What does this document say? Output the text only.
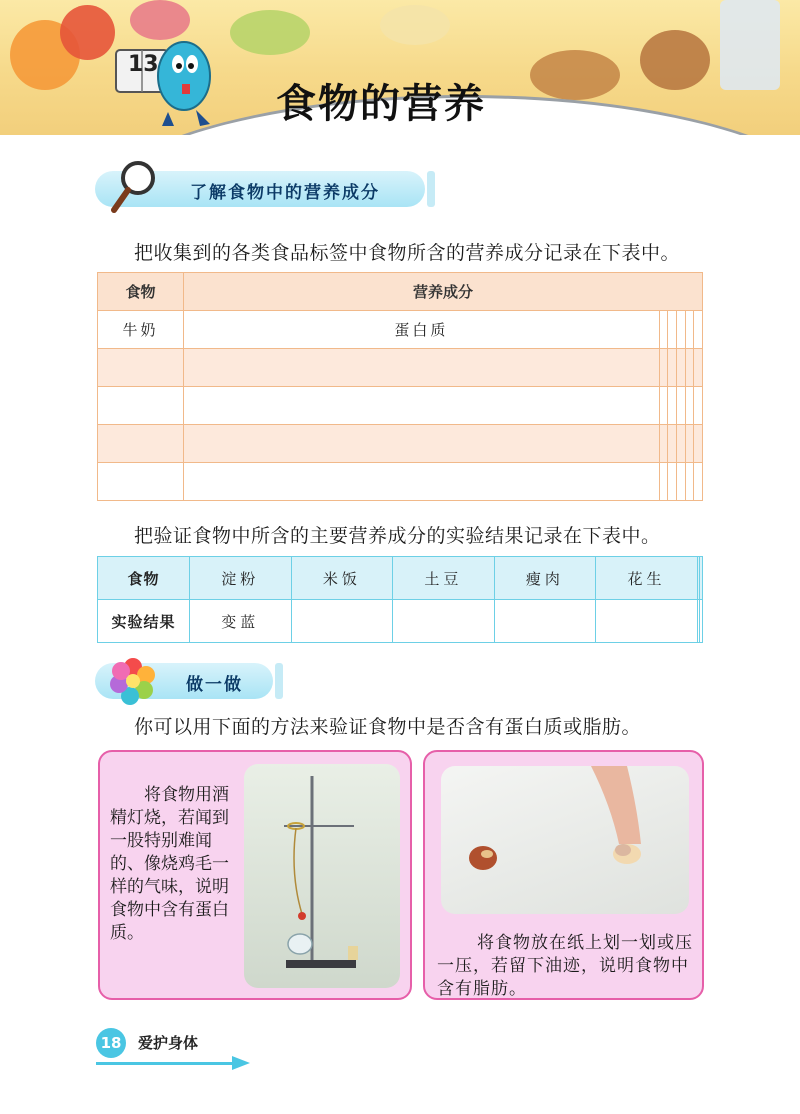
13
食物的营养
了解食物中的营养成分
把收集到的各类食品标签中食物所含的营养成分记录在下表中。
食物	营养成分					
牛奶	蛋白质					

把验证食物中所含的主要营养成分的实验结果记录在下表中。
食物	淀粉	米饭	土豆	瘦肉	花生		
实验结果	变蓝						
做一做
你可以用下面的方法来验证食物中是否含有蛋白质或脂肪。
将食物用酒精灯烧，若闻到一股特别难闻的、像烧鸡毛一样的气味，说明食物中含有蛋白质。	将食物放在纸上划一划或压一压，若留下油迹，说明食物中含有脂肪。
18	爱护身体
